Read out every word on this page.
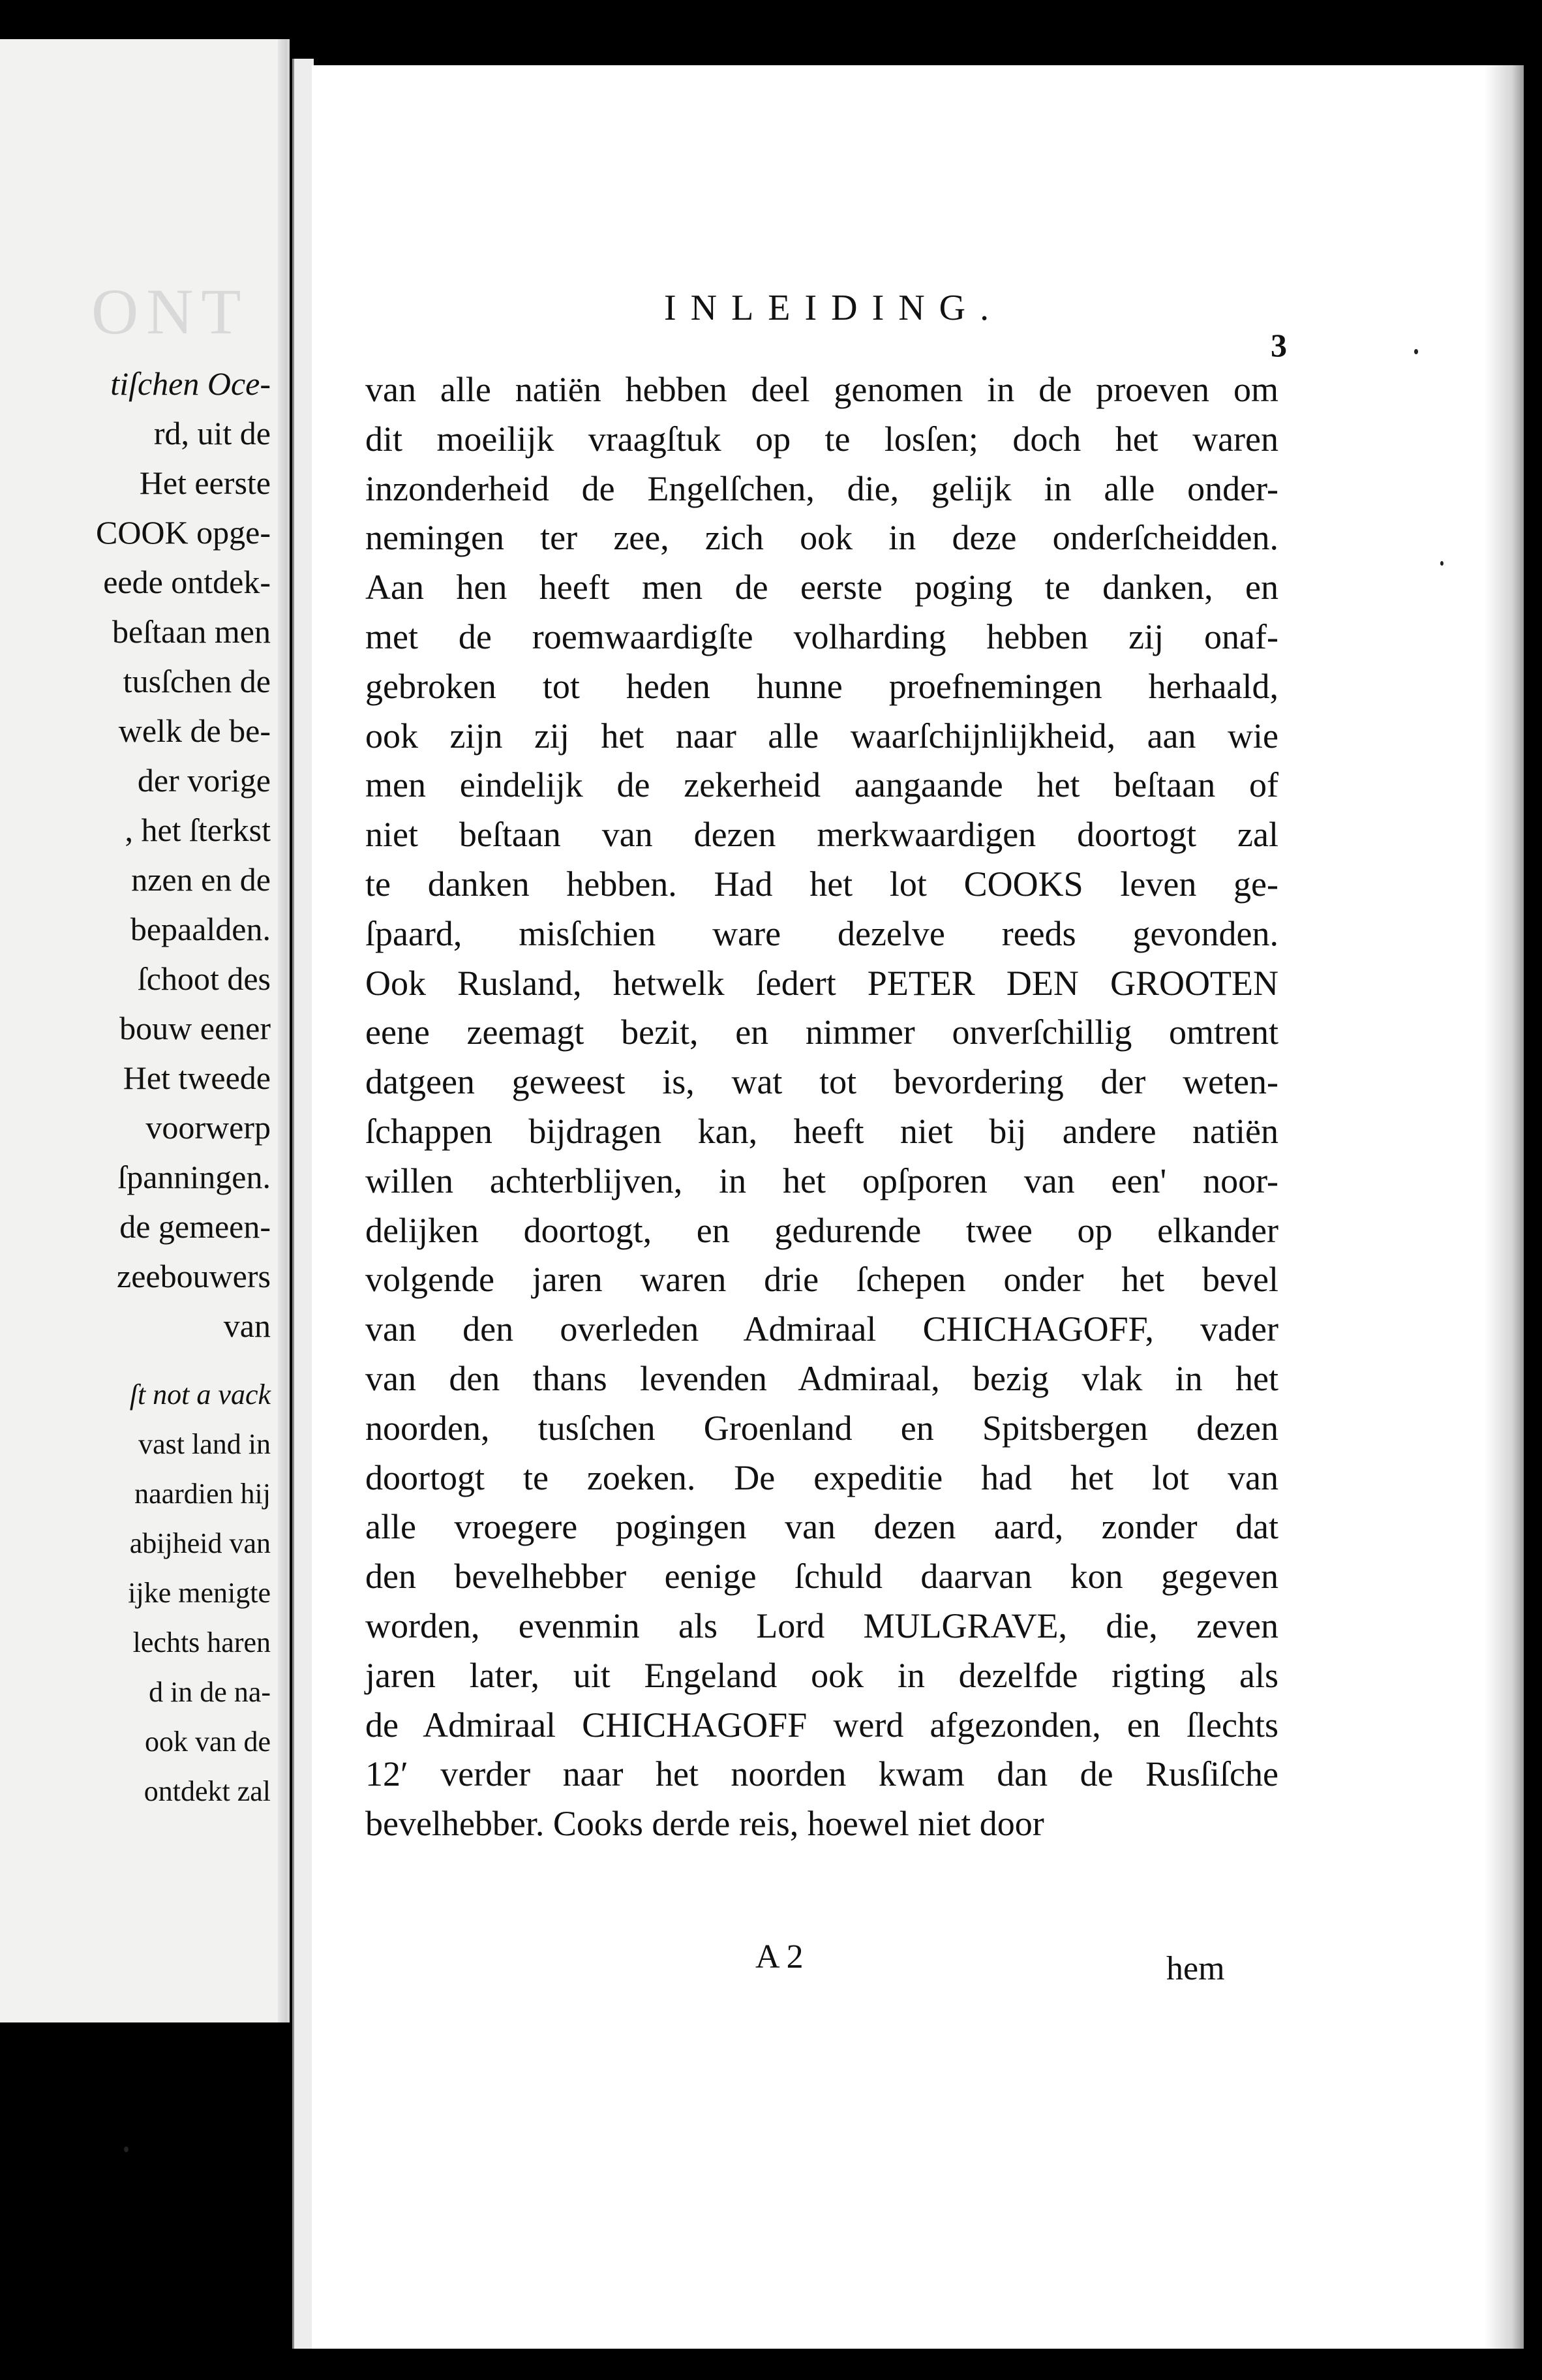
ONT
tiſchen Oce-
rd, uit de
Het eerste
COOK opge-
eede ontdek-
beſtaan men
tusſchen de
welk de be-
der vorige
, het ſterkst
nzen en de
bepaalden.
ſchoot des
bouw eener
Het tweede
voorwerp
ſpanningen.
de gemeen-
zeebouwers
van
ſt not a vack
vast land in
naardien hij
abijheid van
ijke menigte
lechts haren
d in de na-
ook van de
ontdekt zal
INLEIDING.
3
van alle natiën hebben deel genomen in de proeven om
dit moeilijk vraagſtuk op te losſen; doch het waren
inzonderheid de Engelſchen, die, gelijk in alle onder-
nemingen ter zee, zich ook in deze onderſcheidden.
Aan hen heeft men de eerste poging te danken, en
met de roemwaardigſte volharding hebben zij onaf-
gebroken tot heden hunne proefnemingen herhaald,
ook zijn zij het naar alle waarſchijnlijkheid, aan wie
men eindelijk de zekerheid aangaande het beſtaan of
niet beſtaan van dezen merkwaardigen doortogt zal
te danken hebben. Had het lot COOKS leven ge-
ſpaard, misſchien ware dezelve reeds gevonden.
Ook Rusland, hetwelk ſedert PETER DEN GROOTEN
eene zeemagt bezit, en nimmer onverſchillig omtrent
datgeen geweest is, wat tot bevordering der weten-
ſchappen bijdragen kan, heeft niet bij andere natiën
willen achterblijven, in het opſporen van een' noor-
delijken doortogt, en gedurende twee op elkander
volgende jaren waren drie ſchepen onder het bevel
van den overleden Admiraal CHICHAGOFF, vader
van den thans levenden Admiraal, bezig vlak in het
noorden, tusſchen Groenland en Spitsbergen dezen
doortogt te zoeken. De expeditie had het lot van
alle vroegere pogingen van dezen aard, zonder dat
den bevelhebber eenige ſchuld daarvan kon gegeven
worden, evenmin als Lord MULGRAVE, die, zeven
jaren later, uit Engeland ook in dezelfde rigting als
de Admiraal CHICHAGOFF werd afgezonden, en ſlechts
12′ verder naar het noorden kwam dan de Rusſiſche
bevelhebber. Cooks derde reis, hoewel niet door
A 2	hem
